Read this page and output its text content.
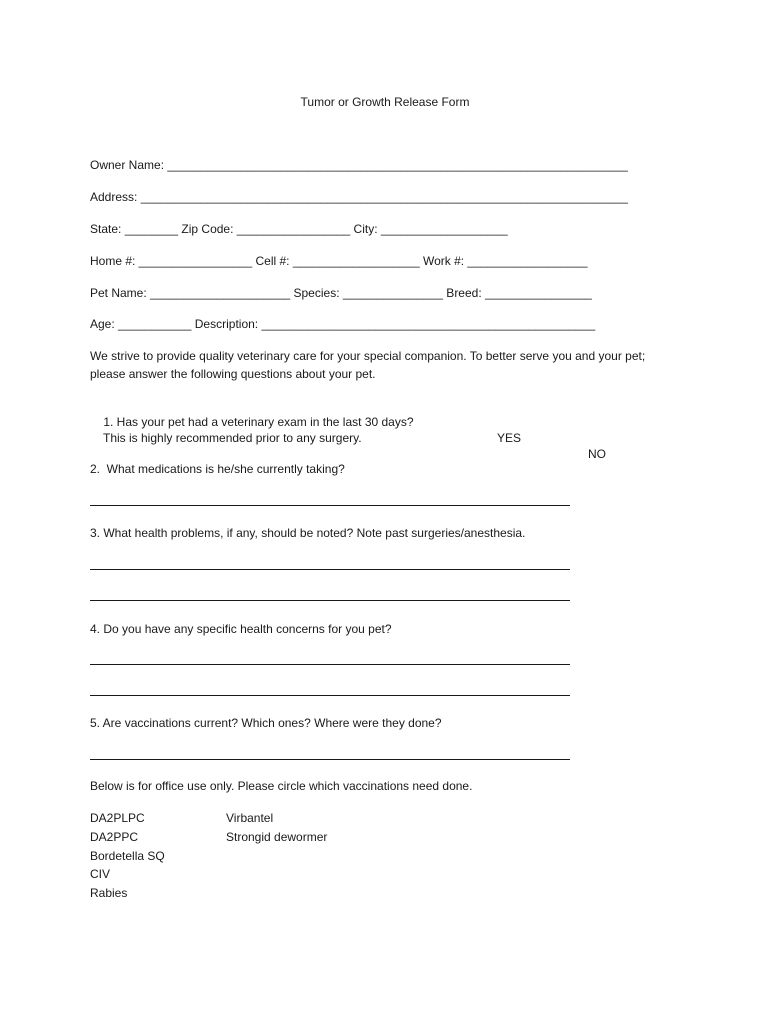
Tumor or Growth Release Form
Owner Name: _____________________________________________________________________
Address: _________________________________________________________________________
State: ________ Zip Code: _________________ City: ___________________
Home #: _________________ Cell #: ___________________ Work #: __________________
Pet Name: _____________________ Species: _______________ Breed: ________________
Age: ___________ Description: __________________________________________________
We strive to provide quality veterinary care for your special companion. To better serve you and your pet; please answer the following questions about your pet.

1. Has your pet had a veterinary exam in the last 30 days?

YES

NO

This is highly recommended prior to any surgery.
2.  What medications is he/she currently taking?
3. What health problems, if any, should be noted? Note past surgeries/anesthesia.
4. Do you have any specific health concerns for you pet?
5. Are vaccinations current? Which ones? Where were they done?
Below is for office use only. Please circle which vaccinations need done.
DA2PLPC
DA2PPC
Bordetella SQ
CIV
Rabies
Virbantel
Strongid dewormer
